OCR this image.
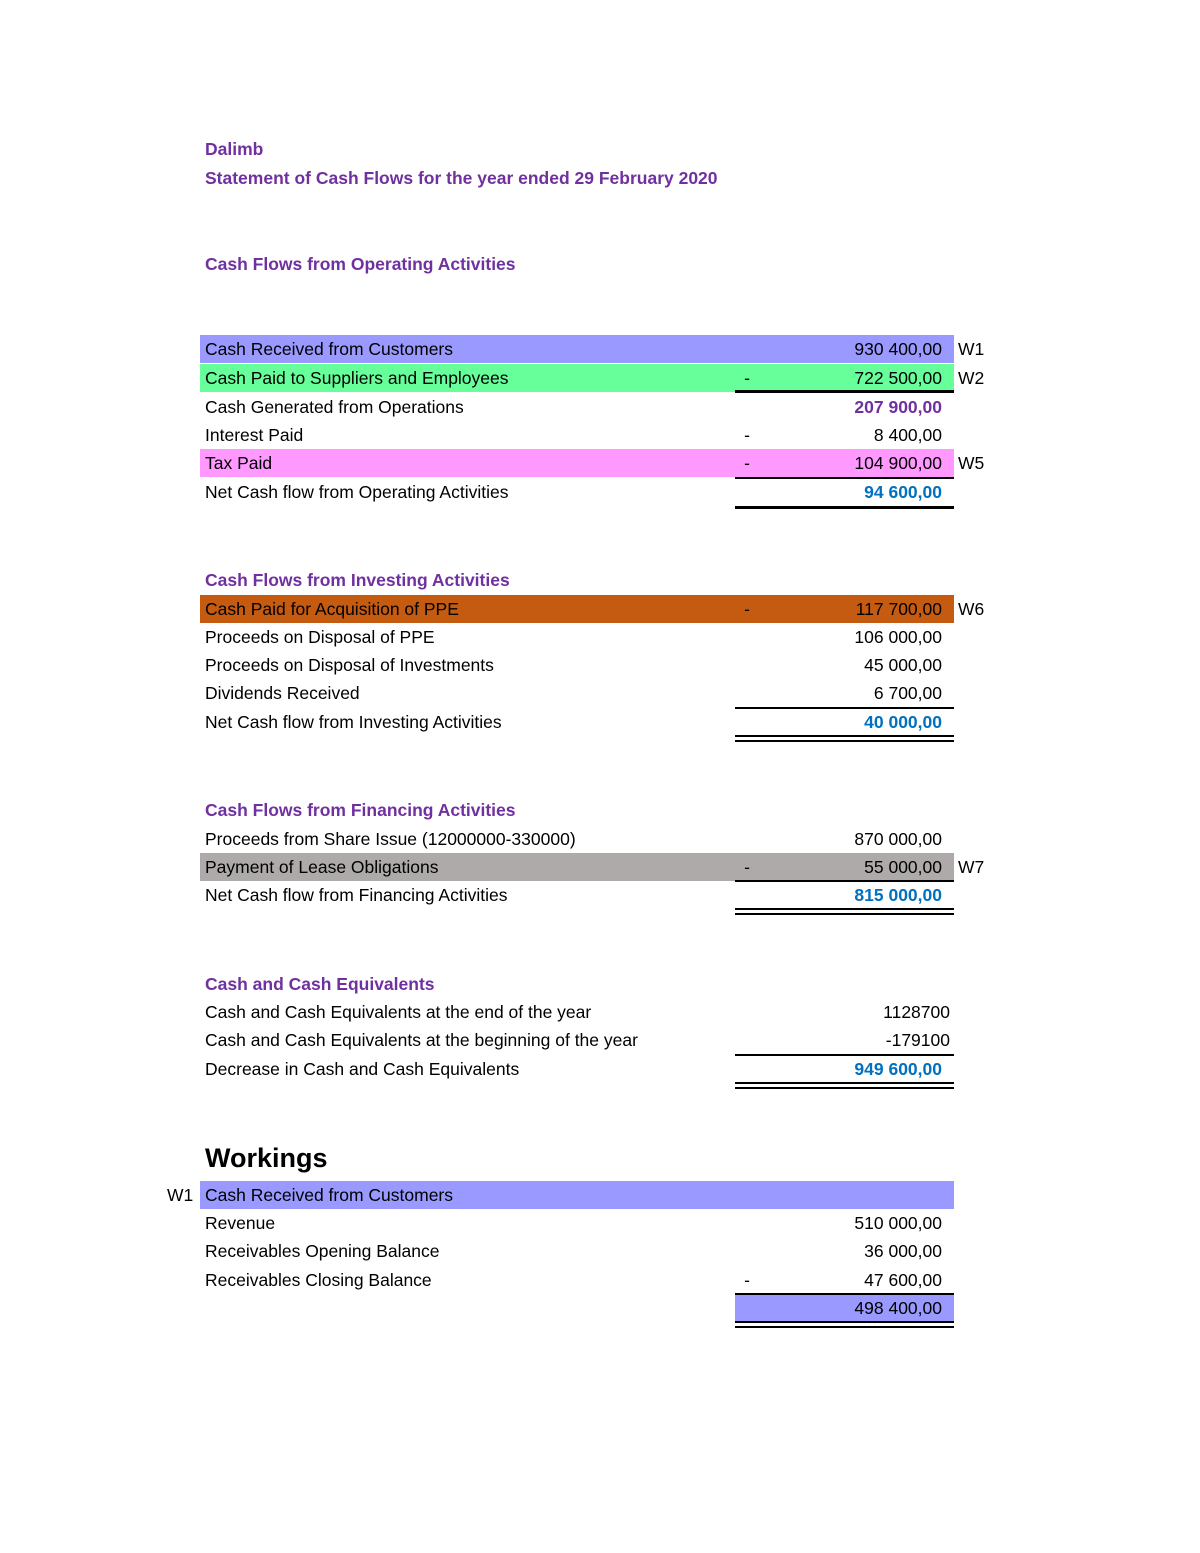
Dalimb
Statement of Cash Flows for the year ended 29 February 2020
Cash Flows from Operating Activities
Cash Received from Customers	930 400,00 W1
Cash Paid to Suppliers and Employees	-	722 500,00 W2
Cash Generated from Operations	207 900,00
Interest Paid	-	8 400,00
Tax Paid	-	104 900,00 W5
Net Cash flow from Operating Activities	94 600,00
Cash Flows from Investing Activities
Cash Paid for Acquisition of PPE	-	117 700,00 W6
Proceeds on Disposal of PPE	106 000,00
Proceeds on Disposal of Investments	45 000,00
Dividends Received	6 700,00
Net Cash flow from Investing Activities	40 000,00
Cash Flows from Financing Activities
Proceeds from Share Issue (12000000-330000)	870 000,00
Payment of Lease Obligations	-	55 000,00 W7
Net Cash flow from Financing Activities	815 000,00
Cash and Cash Equivalents
Cash and Cash Equivalents at the end of the year	1128700
Cash and Cash Equivalents at the beginning of the year	-179100
Decrease in Cash and Cash Equivalents	949 600,00
Workings
W1 Cash Received from Customers
Revenue	510 000,00
Receivables Opening Balance	36 000,00
Receivables Closing Balance	-	47 600,00
498 400,00
